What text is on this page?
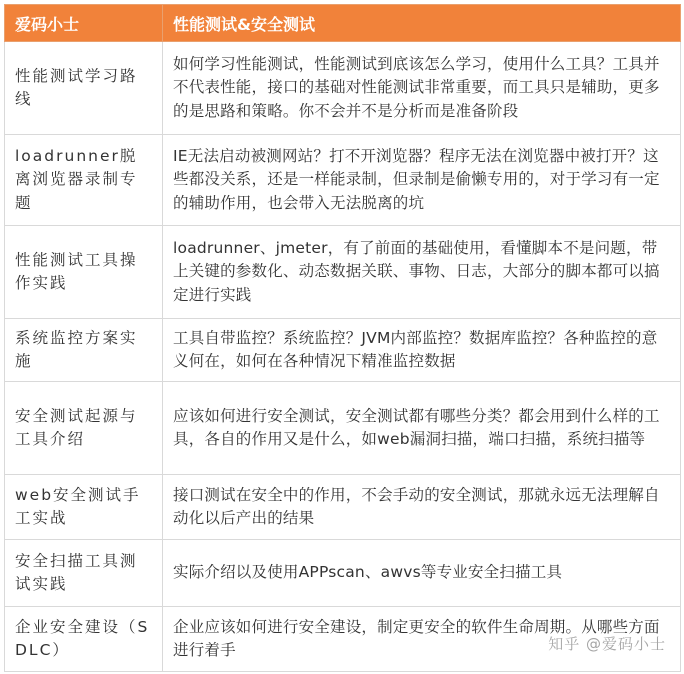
爱码小士	性能测试&安全测试
性能测试学习路线	如何学习性能测试，性能测试到底该怎么学习，使用什么工具？工具并不代表性能，接口的基础对性能测试非常重要，而工具只是辅助，更多的是思路和策略。你不会并不是分析而是准备阶段
loadrunner脱离浏览器录制专题	IE无法启动被测网站？打不开浏览器？程序无法在浏览器中被打开？这些都没关系，还是一样能录制，但录制是偷懒专用的，对于学习有一定的辅助作用，也会带入无法脱离的坑
性能测试工具操作实践	loadrunner、jmeter，有了前面的基础使用，看懂脚本不是问题，带上关键的参数化、动态数据关联、事物、日志，大部分的脚本都可以搞定进行实践
系统监控方案实施	工具自带监控？系统监控？JVM内部监控？数据库监控？各种监控的意义何在，如何在各种情况下精准监控数据
安全测试起源与工具介绍	应该如何进行安全测试，安全测试都有哪些分类？都会用到什么样的工具，各自的作用又是什么，如web漏洞扫描，端口扫描，系统扫描等
web安全测试手工实战	接口测试在安全中的作用，不会手动的安全测试，那就永远无法理解自动化以后产出的结果
安全扫描工具测试实践	实际介绍以及使用APPscan、awvs等专业安全扫描工具
企业安全建设（SDLC）	企业应该如何进行安全建设，制定更安全的软件生命周期。从哪些方面进行着手	知乎 @爱码小士
